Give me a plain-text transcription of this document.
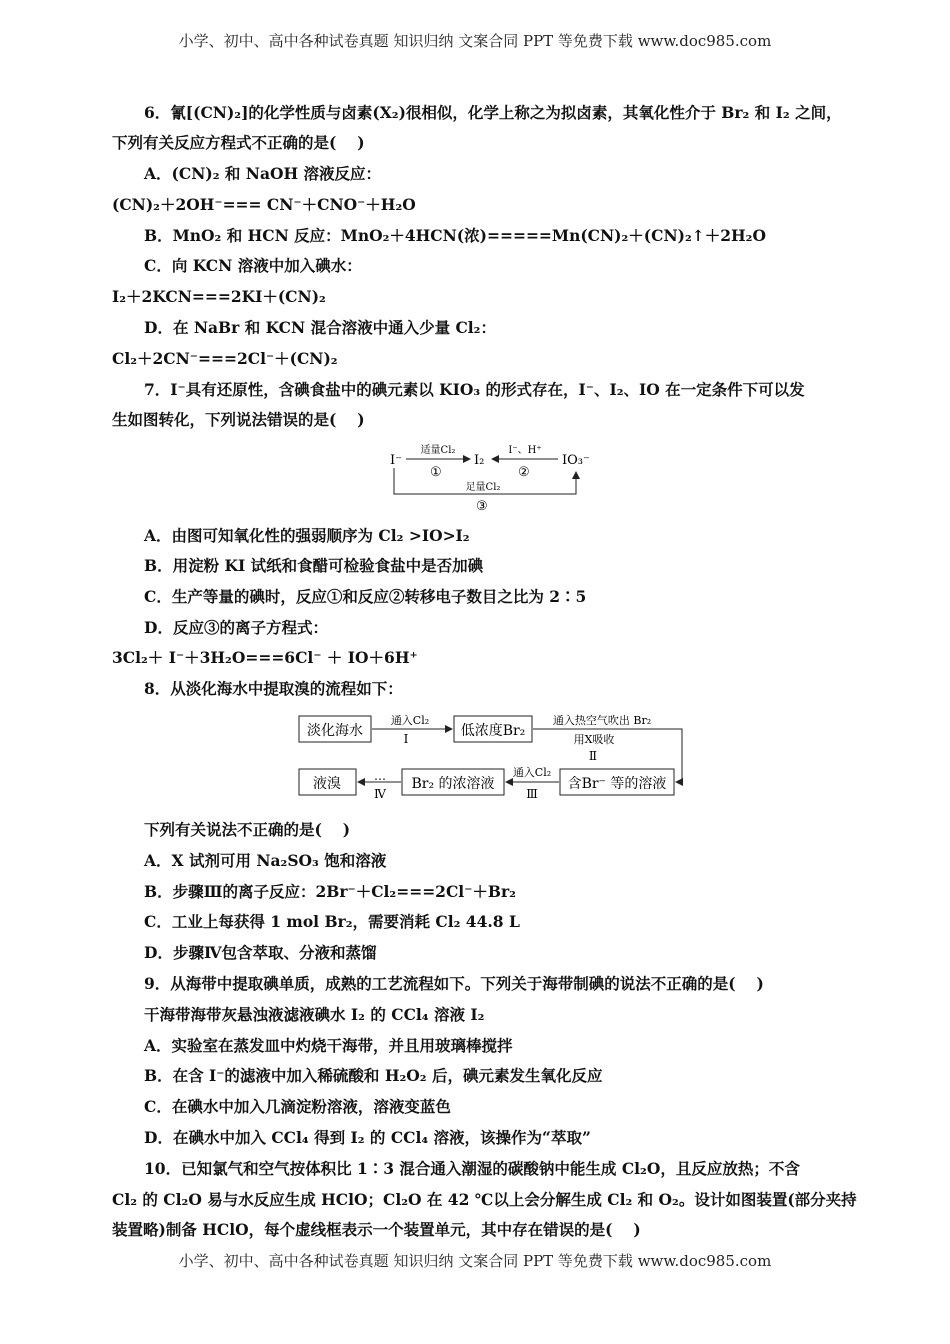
小学、初中、高中各种试卷真题 知识归纳 文案合同 PPT 等免费下载 www.doc985.com
6．氰[(CN)₂]的化学性质与卤素(X₂)很相似，化学上称之为拟卤素，其氧化性介于 Br₂ 和 I₂ 之间，
下列有关反应方程式不正确的是(　 )
A．(CN)₂ 和 NaOH 溶液反应：
(CN)₂＋2OH⁻=== CN⁻＋CNO⁻＋H₂O
B．MnO₂ 和 HCN 反应：MnO₂＋4HCN(浓)=====Mn(CN)₂＋(CN)₂↑＋2H₂O
C．向 KCN 溶液中加入碘水：
I₂＋2KCN===2KI＋(CN)₂
D．在 NaBr 和 KCN 混合溶液中通入少量 Cl₂：
Cl₂＋2CN⁻===2Cl⁻＋(CN)₂
7．I⁻具有还原性，含碘食盐中的碘元素以 KIO₃ 的形式存在，I⁻、I₂、IO 在一定条件下可以发
生如图转化，下列说法错误的是(　 )
I⁻	I₂	IO₃⁻
适量Cl₂
①
I⁻、H⁺
②
足量Cl₂
③
A．由图可知氧化性的强弱顺序为 Cl₂ >IO>I₂
B．用淀粉 KI 试纸和食醋可检验食盐中是否加碘
C．生产等量的碘时，反应①和反应②转移电子数目之比为 2∶5
D．反应③的离子方程式：
3Cl₂＋ I⁻＋3H₂O===6Cl⁻ ＋ IO＋6H⁺
8．从淡化海水中提取溴的流程如下：
淡化海水
通入Cl₂
Ⅰ	低浓度Br₂
通入热空气吹出 Br₂
用X吸收
Ⅱ
含Br⁻ 等的溶液
通入Cl₂
Ⅲ
Br₂ 的浓溶液
…
Ⅳ
液溴
下列有关说法不正确的是(　 )
A．X 试剂可用 Na₂SO₃ 饱和溶液
B．步骤Ⅲ的离子反应：2Br⁻＋Cl₂===2Cl⁻＋Br₂
C．工业上每获得 1 mol Br₂，需要消耗 Cl₂ 44.8 L
D．步骤Ⅳ包含萃取、分液和蒸馏
9．从海带中提取碘单质，成熟的工艺流程如下。下列关于海带制碘的说法不正确的是(　 )
干海带海带灰悬浊液滤液碘水 I₂ 的 CCl₄ 溶液 I₂
A．实验室在蒸发皿中灼烧干海带，并且用玻璃棒搅拌
B．在含 I⁻的滤液中加入稀硫酸和 H₂O₂ 后，碘元素发生氧化反应
C．在碘水中加入几滴淀粉溶液，溶液变蓝色
D．在碘水中加入 CCl₄ 得到 I₂ 的 CCl₄ 溶液，该操作为“萃取”
10．已知氯气和空气按体积比 1∶3 混合通入潮湿的碳酸钠中能生成 Cl₂O，且反应放热；不含
Cl₂ 的 Cl₂O 易与水反应生成 HClO；Cl₂O 在 42 ℃以上会分解生成 Cl₂ 和 O₂。设计如图装置(部分夹持
装置略)制备 HClO，每个虚线框表示一个装置单元，其中存在错误的是(　 )
小学、初中、高中各种试卷真题 知识归纳 文案合同 PPT 等免费下载 www.doc985.com
